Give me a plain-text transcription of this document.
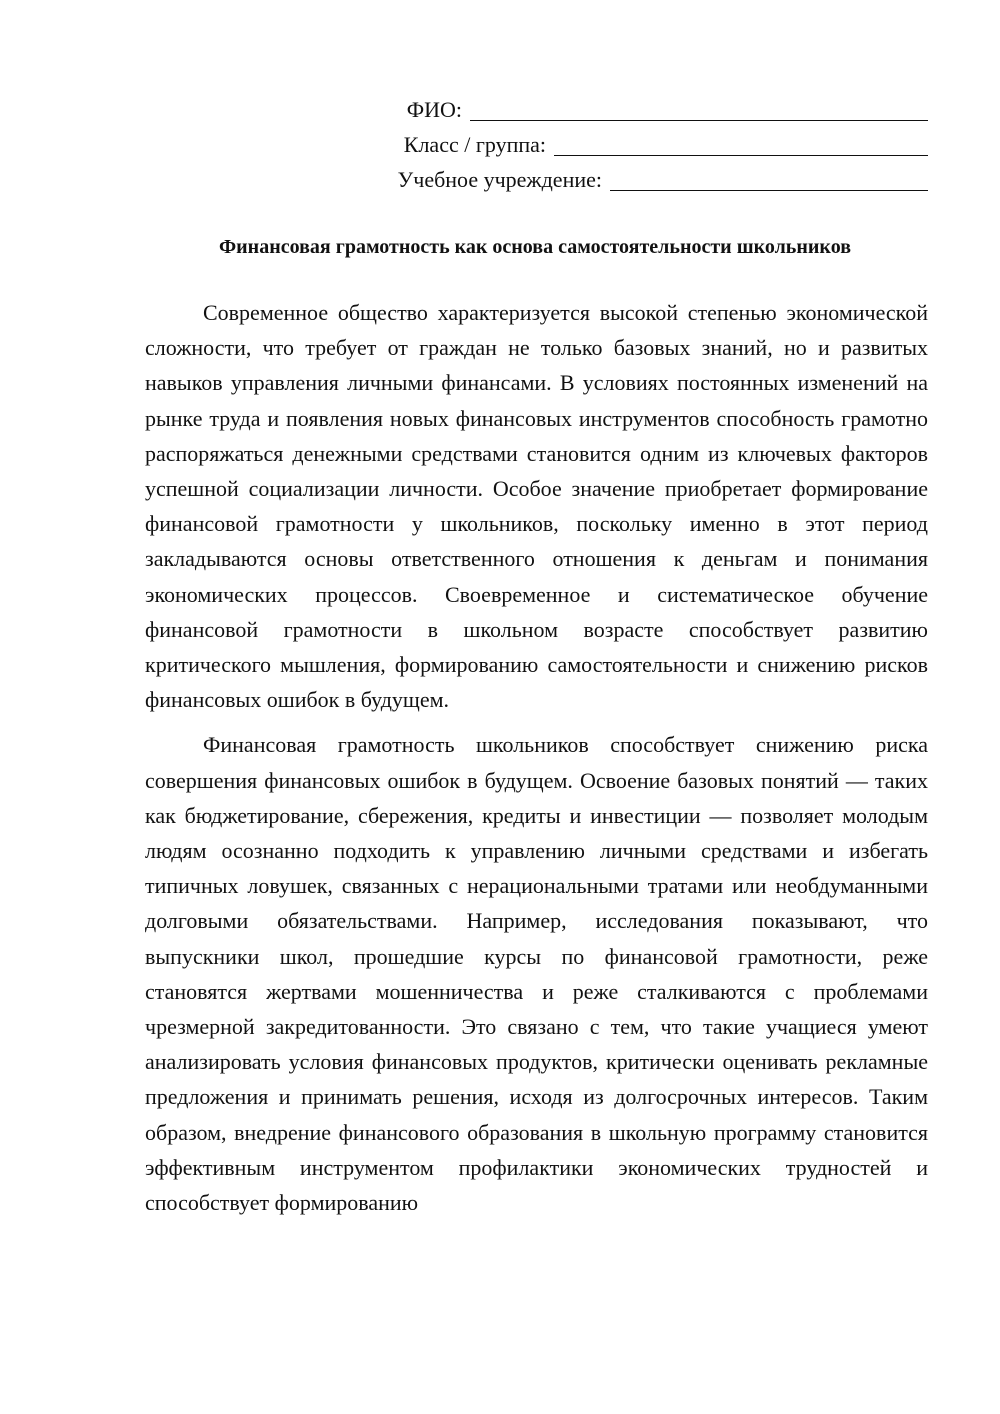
ФИО:
Класс / группа:
Учебное учреждение:
Финансовая грамотность как основа самостоятельности школьников

Современное общество характеризуется высокой степенью экономической сложности, что требует от граждан не только базовых знаний, но и развитых навыков управления личными финансами. В условиях постоянных изменений на рынке труда и появления новых финансовых инструментов способность грамотно распоряжаться денежными средствами становится одним из ключевых факторов успешной социализации личности. Особое значение приобретает формирование финансовой грамотности у школьников, поскольку именно в этот период закладываются основы ответственного отношения к деньгам и понимания экономических процессов. Своевременное и систематическое обучение финансовой грамотности в школьном возрасте способствует развитию критического мышления, формированию самостоятельности и снижению рисков финансовых ошибок в будущем.

Финансовая грамотность школьников способствует снижению риска совершения финансовых ошибок в будущем. Освоение базовых понятий — таких как бюджетирование, сбережения, кредиты и инвестиции — позволяет молодым людям осознанно подходить к управлению личными средствами и избегать типичных ловушек, связанных с нерациональными тратами или необдуманными долговыми обязательствами. Например, исследования показывают, что выпускники школ, прошедшие курсы по финансовой грамотности, реже становятся жертвами мошенничества и реже сталкиваются с проблемами чрезмерной закредитованности. Это связано с тем, что такие учащиеся умеют анализировать условия финансовых продуктов, критически оценивать рекламные предложения и принимать решения, исходя из долгосрочных интересов. Таким образом, внедрение финансового образования в школьную программу становится эффективным инструментом профилактики экономических трудностей и способствует формированию
